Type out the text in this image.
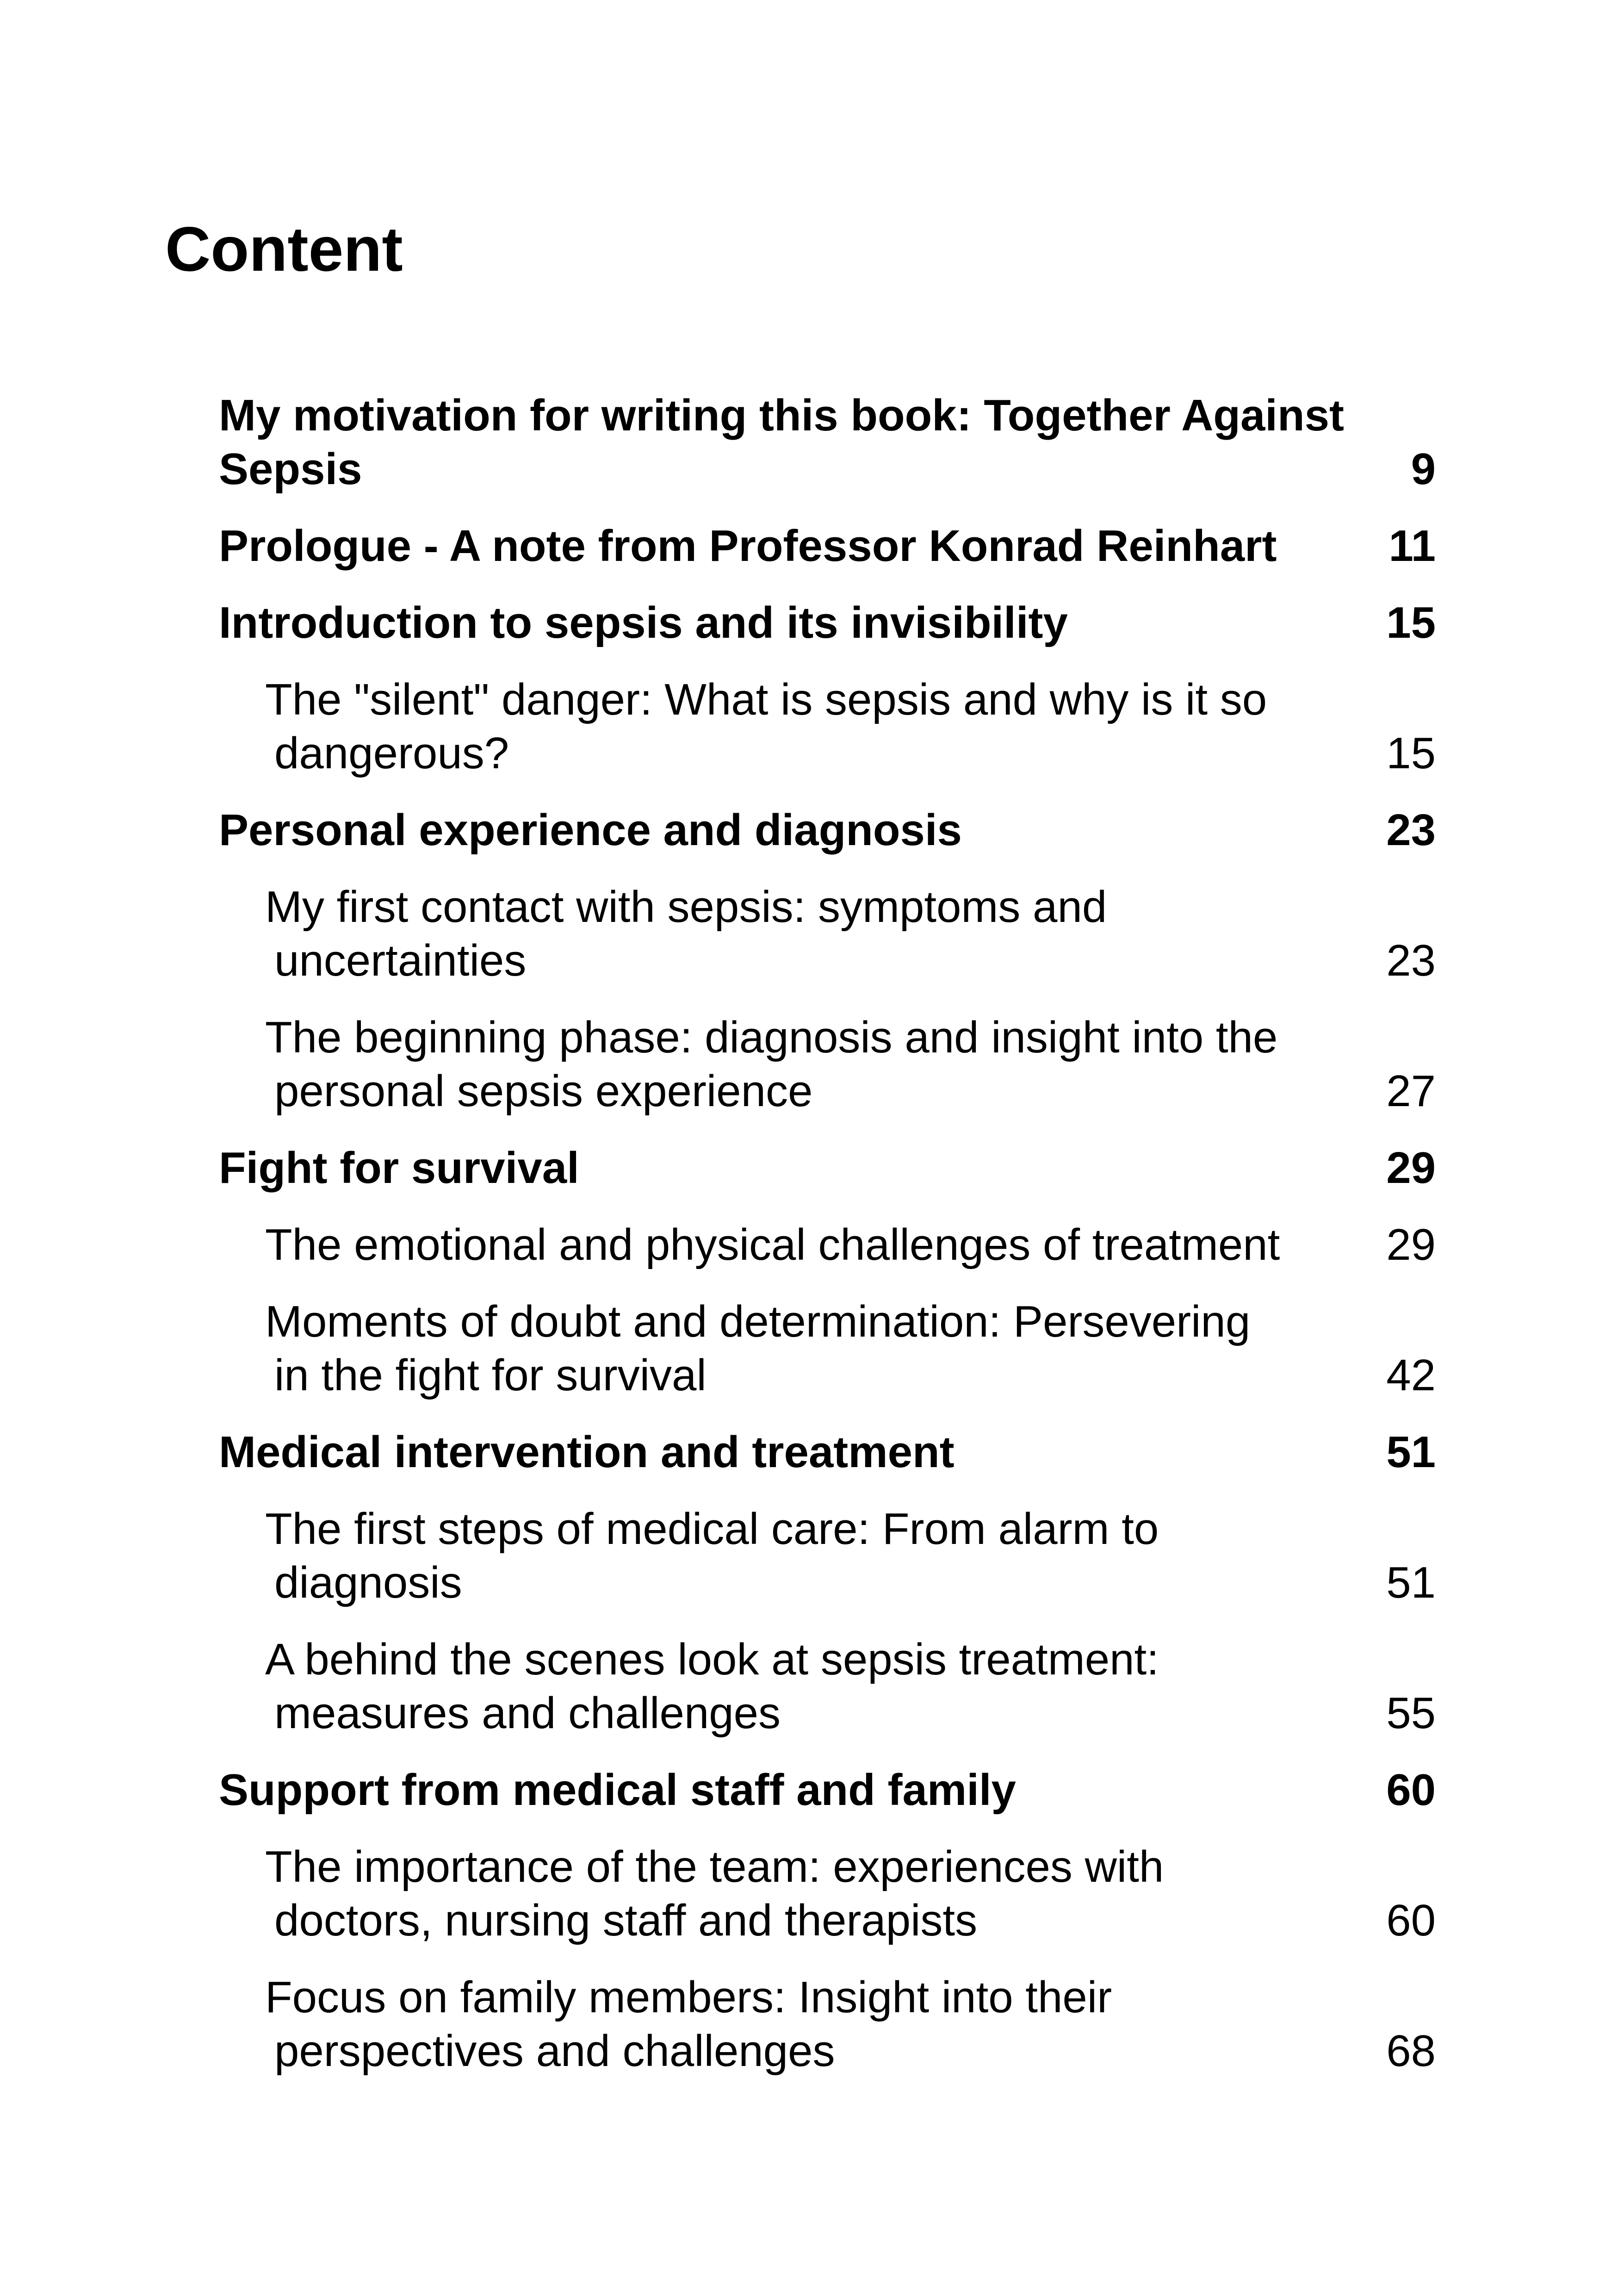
Content
My motivation for writing this book: Together Against
Sepsis	9
Prologue - A note from Professor Konrad Reinhart	11
Introduction to sepsis and its invisibility	15
The "silent" danger: What is sepsis and why is it so
dangerous?	15
Personal experience and diagnosis	23
My first contact with sepsis: symptoms and
uncertainties	23
The beginning phase: diagnosis and insight into the
personal sepsis experience	27
Fight for survival	29
The emotional and physical challenges of treatment	29
Moments of doubt and determination: Persevering
in the fight for survival	42
Medical intervention and treatment	51
The first steps of medical care: From alarm to
diagnosis	51
A behind the scenes look at sepsis treatment:
measures and challenges	55
Support from medical staff and family	60
The importance of the team: experiences with
doctors, nursing staff and therapists	60
Focus on family members: Insight into their
perspectives and challenges	68
